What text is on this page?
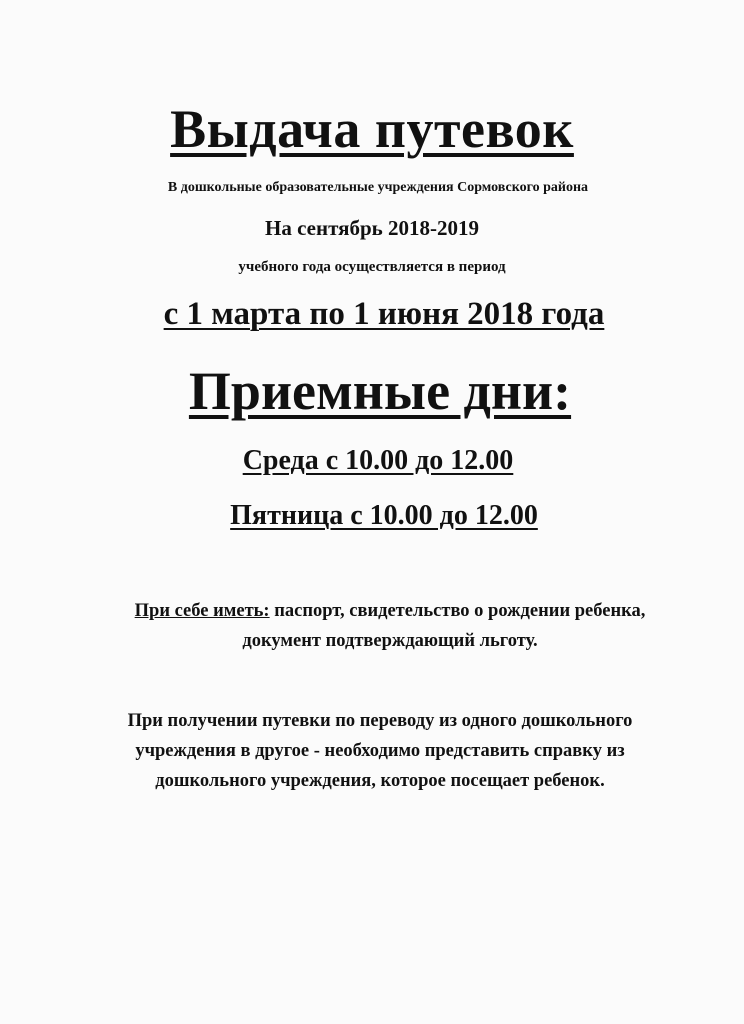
Выдача путевок

В дошкольные образовательные учреждения Сормовского района

На сентябрь 2018-2019

учебного года осуществляется в период

с 1 марта по 1 июня 2018 года

Приемные дни:

Среда с 10.00 до 12.00

Пятница с 10.00 до 12.00

При себе иметь: паспорт, свидетельство о рождении ребенка, документ подтверждающий льготу.

При получении путевки по переводу из одного дошкольного учреждения в другое - необходимо представить справку из дошкольного учреждения, которое посещает ребенок.
